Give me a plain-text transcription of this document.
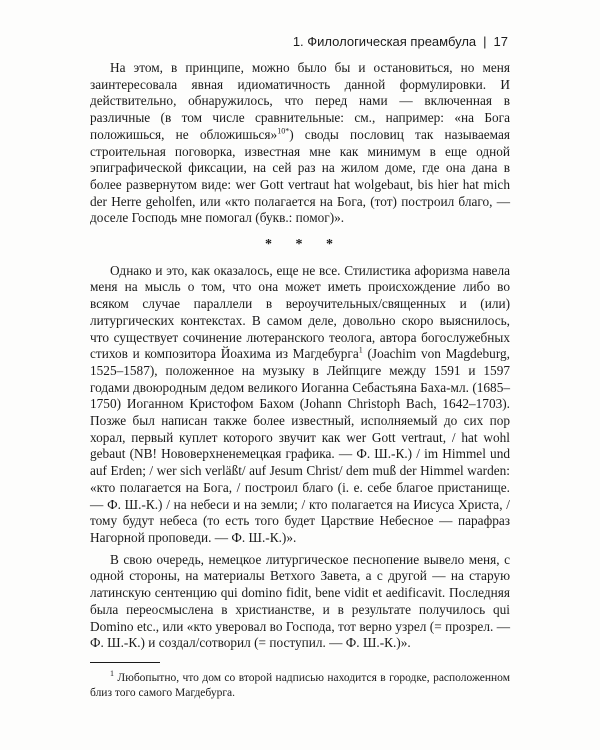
1. Филологическая преамбула | 17

На этом, в принципе, можно было бы и остановиться, но меня заинтересовала явная идиоматичность данной формулировки. И действительно, обнаружилось, что перед нами — включенная в различные (в том числе сравнительные: см., например: «на Бога положишься, не обложишься»$^{10*}$) своды пословиц так называемая строительная поговорка, известная мне как минимум в еще одной эпиграфической фиксации, на сей раз на жилом доме, где она дана в более развернутом виде: wer Gott vertraut hat wolgebaut, bis hier hat mich der Herre geholfen, или «кто полагается на Бога, (тот) построил благо, — доселе Господь мне помогал (букв.: помог)».

* * *

Однако и это, как оказалось, еще не все. Стилистика афоризма навела меня на мысль о том, что она может иметь происхождение либо во всяком случае параллели в вероучительных/священных и (или) литургических контекстах. В самом деле, довольно скоро выяснилось, что существует сочинение лютеранского теолога, автора богослужебных стихов и композитора Йоахима из Магдебурга$^1$ (Joachim von Magdeburg, 1525–1587), положенное на музыку в Лейпциге между 1591 и 1597 годами двоюродным дедом великого Иоганна Себастьяна Баха-мл. (1685–1750) Иоганном Кристофом Бахом (Johann Christoph Bach, 1642–1703). Позже был написан также более известный, исполняемый до сих пор хорал, первый куплет которого звучит как wer Gott vertraut, / hat wohl gebaut (NB! Нововерхненемецкая графика. — Ф. Ш.-К.) / im Himmel und auf Erden; / wer sich verläßt/ auf Jesum Christ/ dem muß der Himmel warden: «кто полагается на Бога, / построил благо (i. e. себе благое пристанище. — Ф. Ш.-К.) / на небеси и на земли; / кто полагается на Иисуса Христа, / тому будут небеса (то есть того будет Царствие Небесное — парафраз Нагорной проповеди. — Ф. Ш.-К.)».

В свою очередь, немецкое литургическое песнопение вывело меня, с одной стороны, на материалы Ветхого Завета, а с другой — на старую латинскую сентенцию qui domino fidit, bene vidit et aedificavit. Последняя была переосмыслена в христианстве, и в результате получилось qui Domino etc., или «кто уверовал во Господа, тот верно узрел (= прозрел. — Ф. Ш.-К.) и создал/сотворил (= поступил. — Ф. Ш.-К.)».

$^1$ Любопытно, что дом со второй надписью находится в городке, расположенном близ того самого Магдебурга.
